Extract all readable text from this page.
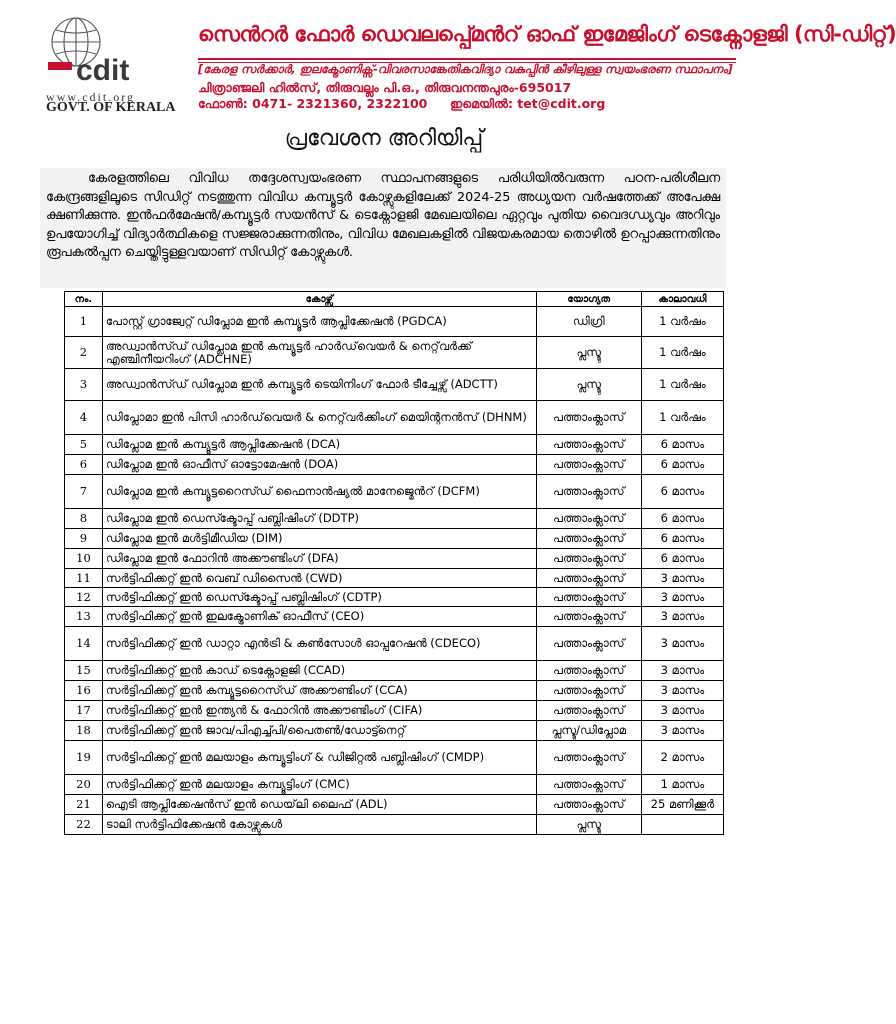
cdit
www.cdit.org
GOVT. OF KERALA
സെൻറർ ഫോർ ഡെവലപ്പ്മെൻറ് ഓഫ് ഇമേജിംഗ് ടെക്നോളജി (സി-ഡിറ്റ്)
[കേരള സർക്കാർ, ഇലക്ട്രോണിക്സ്-വിവരസാങ്കേതികവിദ്യാ വകുപ്പിൻ കീഴിലുള്ള സ്വയംഭരണ സ്ഥാപനം]
ചിത്രാഞ്ജലി ഹിൽസ്, തിരുവല്ലം പി.ഒ., തിരുവനന്തപുരം-695017
ഫോൺ: 0471- 2321360, 2322100 ഇമെയിൽ: tet@cdit.org
പ്രവേശന അറിയിപ്പ്
കേരളത്തിലെ വിവിധ തദ്ദേശസ്വയംഭരണ സ്ഥാപനങ്ങളുടെ പരിധിയിൽവരുന്ന പഠന-പരിശീലന കേന്ദ്രങ്ങളിലൂടെ സിഡിറ്റ് നടത്തുന്ന വിവിധ കമ്പ്യൂട്ടർ കോഴ്സുകളിലേക്ക് 2024-25 അധ്യയന വർഷത്തേക്ക് അപേക്ഷ ക്ഷണിക്കുന്നു. ഇൻഫർമേഷൻ/കമ്പ്യൂട്ടർ സയൻസ് & ടെക്നോളജി മേഖലയിലെ ഏറ്റവും പുതിയ വൈദഗ്ധ്യവും അറിവും ഉപയോഗിച്ച് വിദ്യാർത്ഥികളെ സജ്ജരാക്കുന്നതിനും, വിവിധ മേഖലകളിൽ വിജയകരമായ തൊഴിൽ ഉറപ്പാക്കുന്നതിനും രൂപകൽപ്പന ചെയ്തിട്ടുള്ളവയാണ് സിഡിറ്റ് കോഴ്സുകൾ.
നം.	കോഴ്സ്	യോഗ്യത	കാലാവധി
1	പോസ്റ്റ് ഗ്രാജ്വേറ്റ് ഡിപ്ലോമ ഇൻ കമ്പ്യൂട്ടർ ആപ്ലിക്കേഷൻ (PGDCA)	ഡിഗ്രി	1 വർഷം
2	അഡ്വാൻസ്ഡ് ഡിപ്ലോമ ഇൻ കമ്പ്യൂട്ടർ ഹാർഡ്‌വെയർ & നെറ്റ്‌വർക്ക് എഞ്ചിനീയറിംഗ് (ADCHNE)	പ്ലസ്ടു	1 വർഷം
3	അഡ്വാൻസ്ഡ് ഡിപ്ലോമ ഇൻ കമ്പ്യൂട്ടർ ടെയിനിംഗ് ഫോർ ടീച്ചേഴ്സ് (ADCTT)	പ്ലസ്ടു	1 വർഷം
4	ഡിപ്ലോമാ ഇൻ പിസി ഹാർഡ്‌വെയർ & നെറ്റ്‌വർക്കിംഗ് മെയിന്റനൻസ് (DHNM)	പത്താംക്ലാസ്	1 വർഷം
5	ഡിപ്ലോമ ഇൻ കമ്പ്യൂട്ടർ ആപ്ലിക്കേഷൻ (DCA)	പത്താംക്ലാസ്	6 മാസം
6	ഡിപ്ലോമ ഇൻ ഓഫീസ് ഓട്ടോമേഷൻ (DOA)	പത്താംക്ലാസ്	6 മാസം
7	ഡിപ്ലോമ ഇൻ കമ്പ്യൂട്ടറൈസ്ഡ് ഫൈനാൻഷ്യൽ മാനേജ്മെൻറ് (DCFM)	പത്താംക്ലാസ്	6 മാസം
8	ഡിപ്ലോമ ഇൻ ഡെസ്ക്ടോപ്പ് പബ്ലിഷിംഗ് (DDTP)	പത്താംക്ലാസ്	6 മാസം
9	ഡിപ്ലോമ ഇൻ മൾട്ടിമീഡിയ (DIM)	പത്താംക്ലാസ്	6 മാസം
10	ഡിപ്ലോമ ഇൻ ഫോറിൻ അക്കൗണ്ടിംഗ് (DFA)	പത്താംക്ലാസ്	6 മാസം
11	സർട്ടിഫിക്കറ്റ് ഇൻ വെബ് ഡിസൈൻ (CWD)	പത്താംക്ലാസ്	3 മാസം
12	സർട്ടിഫിക്കറ്റ് ഇൻ ഡെസ്ക്ടോപ്പ് പബ്ലിഷിംഗ് (CDTP)	പത്താംക്ലാസ്	3 മാസം
13	സർട്ടിഫിക്കറ്റ് ഇൻ ഇലക്ട്രോണിക് ഓഫീസ് (CEO)	പത്താംക്ലാസ്	3 മാസം
14	സർട്ടിഫിക്കറ്റ് ഇൻ ഡാറ്റാ എൻട്രി & കൺസോൾ ഓപ്പറേഷൻ (CDECO)	പത്താംക്ലാസ്	3 മാസം
15	സർട്ടിഫിക്കറ്റ് ഇൻ കാഡ് ടെക്നോളജി (CCAD)	പത്താംക്ലാസ്	3 മാസം
16	സർട്ടിഫിക്കറ്റ് ഇൻ കമ്പ്യൂട്ടറൈസ്ഡ് അക്കൗണ്ടിംഗ് (CCA)	പത്താംക്ലാസ്	3 മാസം
17	സർട്ടിഫിക്കറ്റ് ഇൻ ഇന്ത്യൻ & ഫോറിൻ അക്കൗണ്ടിംഗ് (CIFA)	പത്താംക്ലാസ്	3 മാസം
18	സർട്ടിഫിക്കറ്റ് ഇൻ ജാവ/പിഎച്ച്പി/പൈതൺ/ഡോട്ട്നെറ്റ്	പ്ലസ്ടു/ഡിപ്ലോമ	3 മാസം
19	സർട്ടിഫിക്കറ്റ് ഇൻ മലയാളം കമ്പ്യൂട്ടിംഗ് & ഡിജിറ്റൽ പബ്ലിഷിംഗ് (CMDP)	പത്താംക്ലാസ്	2 മാസം
20	സർട്ടിഫിക്കറ്റ് ഇൻ മലയാളം കമ്പ്യൂട്ടിംഗ് (CMC)	പത്താംക്ലാസ്	1 മാസം
21	ഐടി ആപ്ലിക്കേഷൻസ് ഇൻ ഡെയ്‌ലി ലൈഫ് (ADL)	പത്താംക്ലാസ്	25 മണിക്കൂർ
22	ടാലി സർട്ടിഫിക്കേഷൻ കോഴ്സുകൾ	പ്ലസ്ടു	
